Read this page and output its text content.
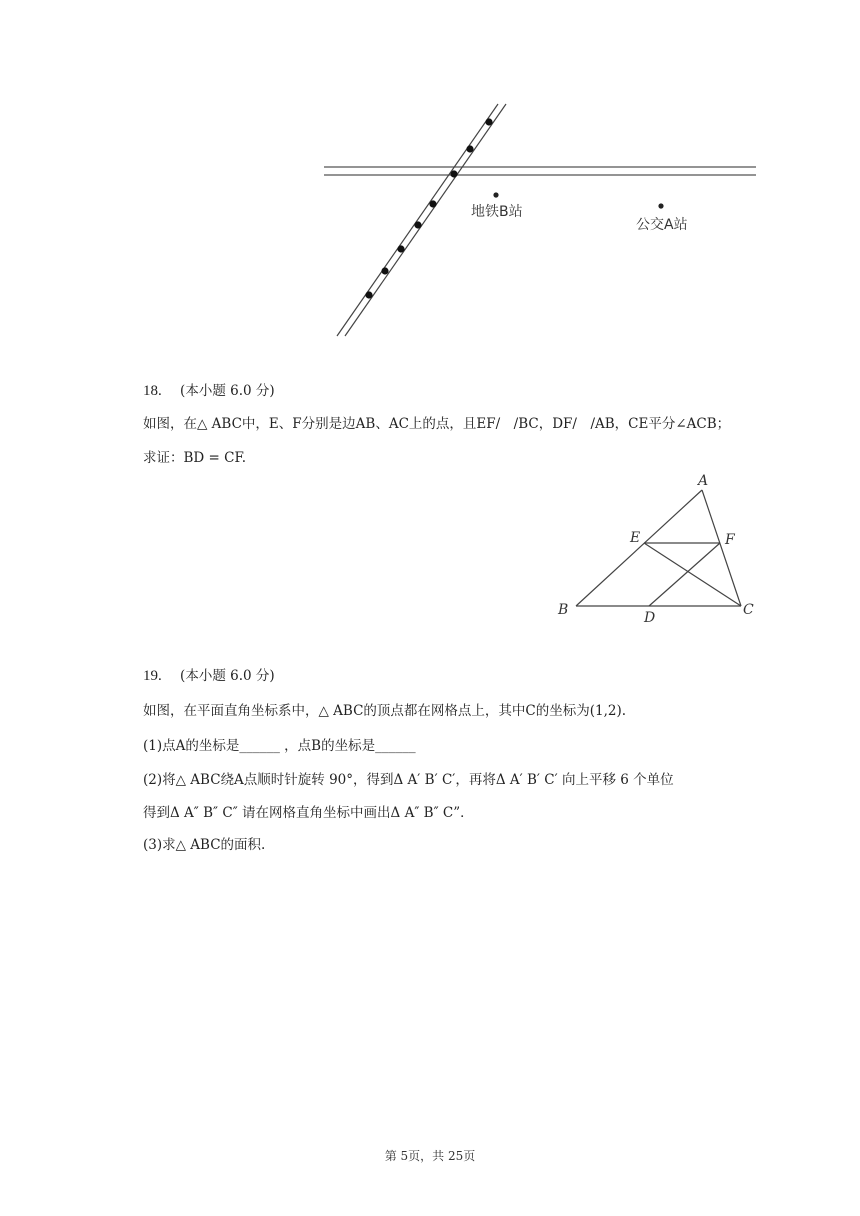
地铁B站
公交A站
18. (本小题 6.0 分)
如图，在△ ABC中，E、F分别是边AB、AC上的点，且EF/　/BC，DF/　/AB，CE平分∠ACB；
求证：BD = CF.
A
E	F
B	D	C
19. (本小题 6.0 分)
如图，在平面直角坐标系中，△ ABC的顶点都在网格点上，其中C的坐标为(1,2).
(1)点A的坐标是______ ，点B的坐标是______
(2)将△ ABC绕A点顺时针旋转 90°，得到Δ A′ B′ C′，再将Δ A′ B′ C′ 向上平移 6 个单位
得到Δ A″ B″ C″ 请在网格直角坐标中画出Δ A″ B″ C”．
(3)求△ ABC的面积.
第 5页，共 25页
